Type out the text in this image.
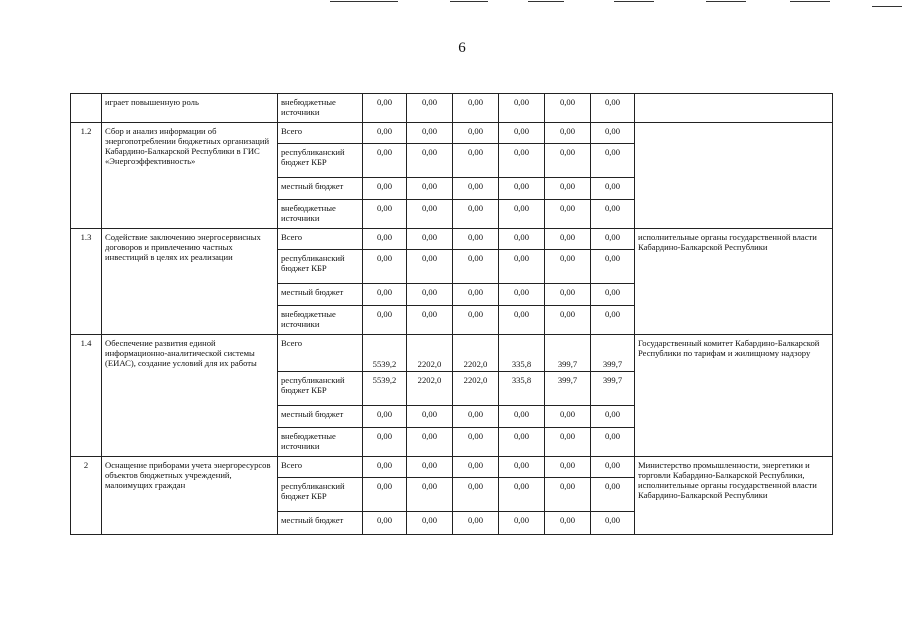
6
	играет повышенную роль	внебюджетные источники	0,00	0,00	0,00	0,00	0,00	0,00	
1.2	Сбор и анализ информации об энергопотреблении бюджетных организаций Кабардино-Балкарской Республики в ГИС «Энергоэффективность»	Всего	0,00	0,00	0,00	0,00	0,00	0,00	
		республиканский бюджет КБР	0,00	0,00	0,00	0,00	0,00	0,00	
		местный бюджет	0,00	0,00	0,00	0,00	0,00	0,00	
		внебюджетные источники	0,00	0,00	0,00	0,00	0,00	0,00	
1.3	Содействие заключению энергосервисных договоров и привлечению частных инвестиций в целях их реализации	Всего	0,00	0,00	0,00	0,00	0,00	0,00	исполнительные органы государственной власти Кабардино-Балкарской Республики
		республиканский бюджет КБР	0,00	0,00	0,00	0,00	0,00	0,00	
		местный бюджет	0,00	0,00	0,00	0,00	0,00	0,00	
		внебюджетные источники	0,00	0,00	0,00	0,00	0,00	0,00	
1.4	Обеспечение развития единой информационно-аналитической системы (ЕИАС), создание условий для их работы	Всего	5539,2	2202,0	2202,0	335,8	399,7	399,7	Государственный комитет Кабардино-Балкарской Республики по тарифам и жилищному надзору
		республиканский бюджет КБР	5539,2	2202,0	2202,0	335,8	399,7	399,7	
		местный бюджет	0,00	0,00	0,00	0,00	0,00	0,00	
		внебюджетные источники	0,00	0,00	0,00	0,00	0,00	0,00	
2	Оснащение приборами учета энергоресурсов объектов бюджетных учреждений, малоимущих граждан	Всего	0,00	0,00	0,00	0,00	0,00	0,00	Министерство промышленности, энергетики и торговли Кабардино-Балкарской Республики, исполнительные органы государственной власти Кабардино-Балкарской Республики
		республиканский бюджет КБР	0,00	0,00	0,00	0,00	0,00	0,00	
		местный бюджет	0,00	0,00	0,00	0,00	0,00	0,00	
